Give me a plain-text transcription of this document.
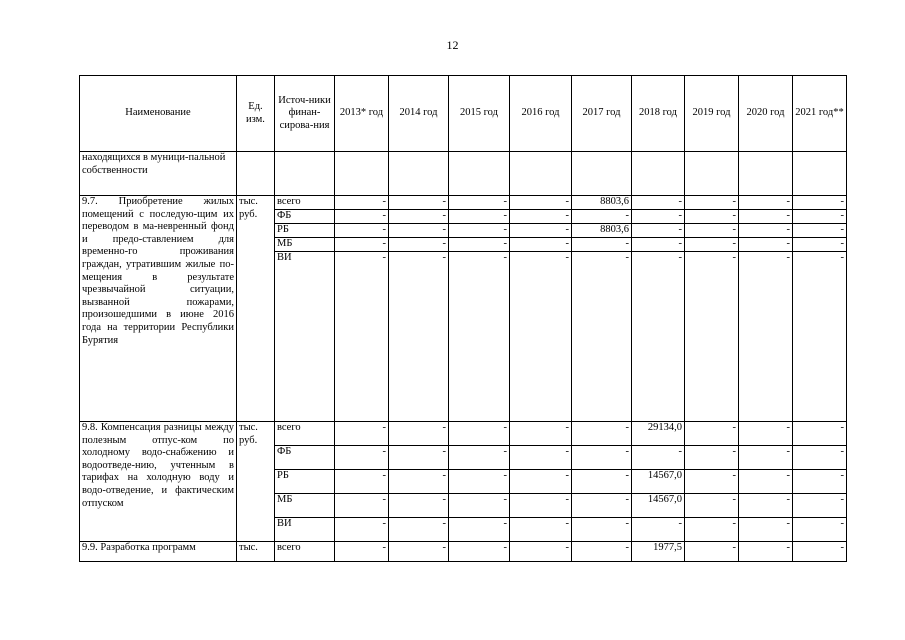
12
Наименование	Ед. изм.	Источ-ники финан-сирова-ния	2013* год	2014 год	2015 год	2016 год	2017 год	2018 год	2019 год	2020 год	2021 год**
находящихся в муници-пальной собственности											
9.7. Приобретение жилых помещений с последую-щим их переводом в ма-невренный фонд и предо-ставлением для временно-го проживания граждан, утратившим жилые по-мещения в результате чрезвычайной ситуации, вызванной пожарами, произошедшими в июне 2016 года на территории Республики Бурятия	тыс. руб.	всего	-	-	-	-	8803,6	-	-	-	-
		ФБ	-	-	-	-	-	-	-	-	-
		РБ	-	-	-	-	8803,6	-	-	-	-
		МБ	-	-	-	-	-	-	-	-	-
		ВИ	-	-	-	-	-	-	-	-	-
9.8. Компенсация разницы между полезным отпус-ком по холодному водо-снабжению и водоотведе-нию, учтенным в тарифах на холодную воду и водо-отведение, и фактическим отпуском	тыс. руб.	всего	-	-	-	-	-	29134,0	-	-	-
		ФБ	-	-	-	-	-	-	-	-	-
		РБ	-	-	-	-	-	14567,0	-	-	-
		МБ	-	-	-	-	-	14567,0	-	-	-
		ВИ	-	-	-	-	-	-	-	-	-
9.9. Разработка программ	тыс.	всего	-	-	-	-	-	1977,5	-	-	-
